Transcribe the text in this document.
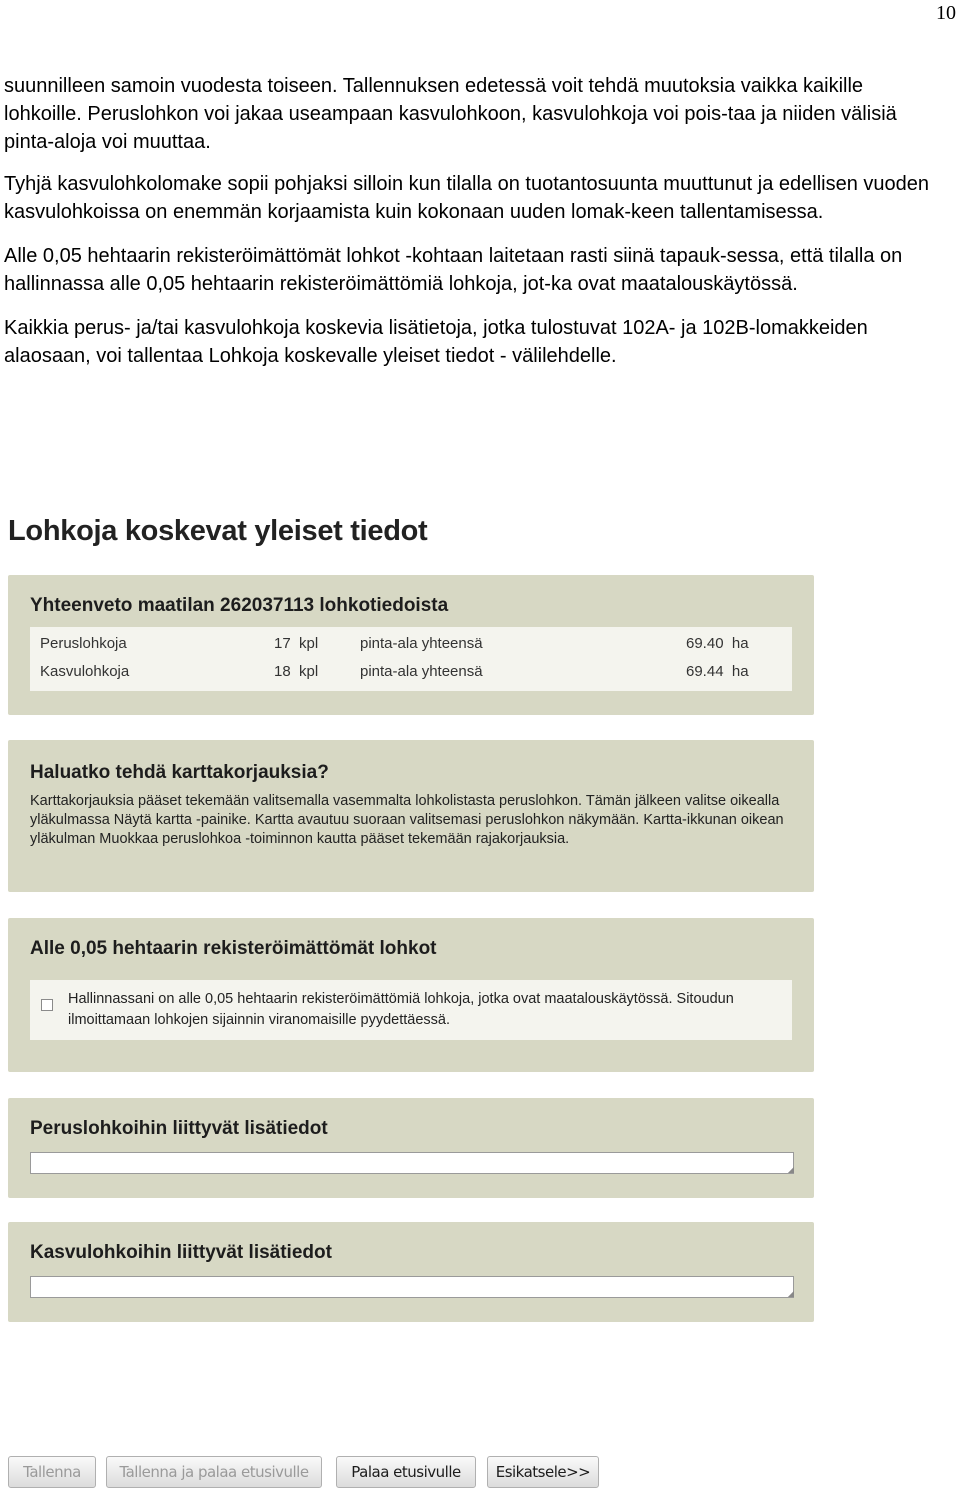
10

suunnilleen samoin vuodesta toiseen. Tallennuksen edetessä voit tehdä muutoksia vaikka kaikille lohkoille. Peruslohkon voi jakaa useampaan kasvulohkoon, kasvulohkoja voi pois-taa ja niiden välisiä pinta-aloja voi muuttaa.

Tyhjä kasvulohkolomake sopii pohjaksi silloin kun tilalla on tuotantosuunta muuttunut ja edellisen vuoden kasvulohkoissa on enemmän korjaamista kuin kokonaan uuden lomak-keen tallentamisessa.

Alle 0,05 hehtaarin rekisteröimättömät lohkot -kohtaan laitetaan rasti siinä tapauk-sessa, että tilalla on hallinnassa alle 0,05 hehtaarin rekisteröimättömiä lohkoja, jot-ka ovat maatalouskäytössä.

Kaikkia perus- ja/tai kasvulohkoja koskevia lisätietoja, jotka tulostuvat 102A- ja 102B-lomakkeiden alaosaan, voi tallentaa Lohkoja koskevalle yleiset tiedot - välilehdelle.

Lohkoja koskevat yleiset tiedot
Yhteenveto maatilan 262037113 lohkotiedoista
Peruslohkoja	17 kpl	pinta-ala yhteensä	69.40 ha
Kasvulohkoja	18 kpl	pinta-ala yhteensä	69.44 ha
Haluatko tehdä karttakorjauksia?
Karttakorjauksia pääset tekemään valitsemalla vasemmalta lohkolistasta peruslohkon. Tämän jälkeen valitse oikealla yläkulmassa Näytä kartta -painike. Kartta avautuu suoraan valitsemasi peruslohkon näkymään. Kartta-ikkunan oikean yläkulman Muokkaa peruslohkoa -toiminnon kautta pääset tekemään rajakorjauksia.
Alle 0,05 hehtaarin rekisteröimättömät lohkot
Hallinnassani on alle 0,05 hehtaarin rekisteröimättömiä lohkoja, jotka ovat maatalouskäytössä. Sitoudun ilmoittamaan lohkojen sijainnin viranomaisille pyydettäessä.
Peruslohkoihin liittyvät lisätiedot
◢
Kasvulohkoihin liittyvät lisätiedot
◢
Tallenna	Tallenna ja palaa etusivulle	Palaa etusivulle	Esikatsele>>
